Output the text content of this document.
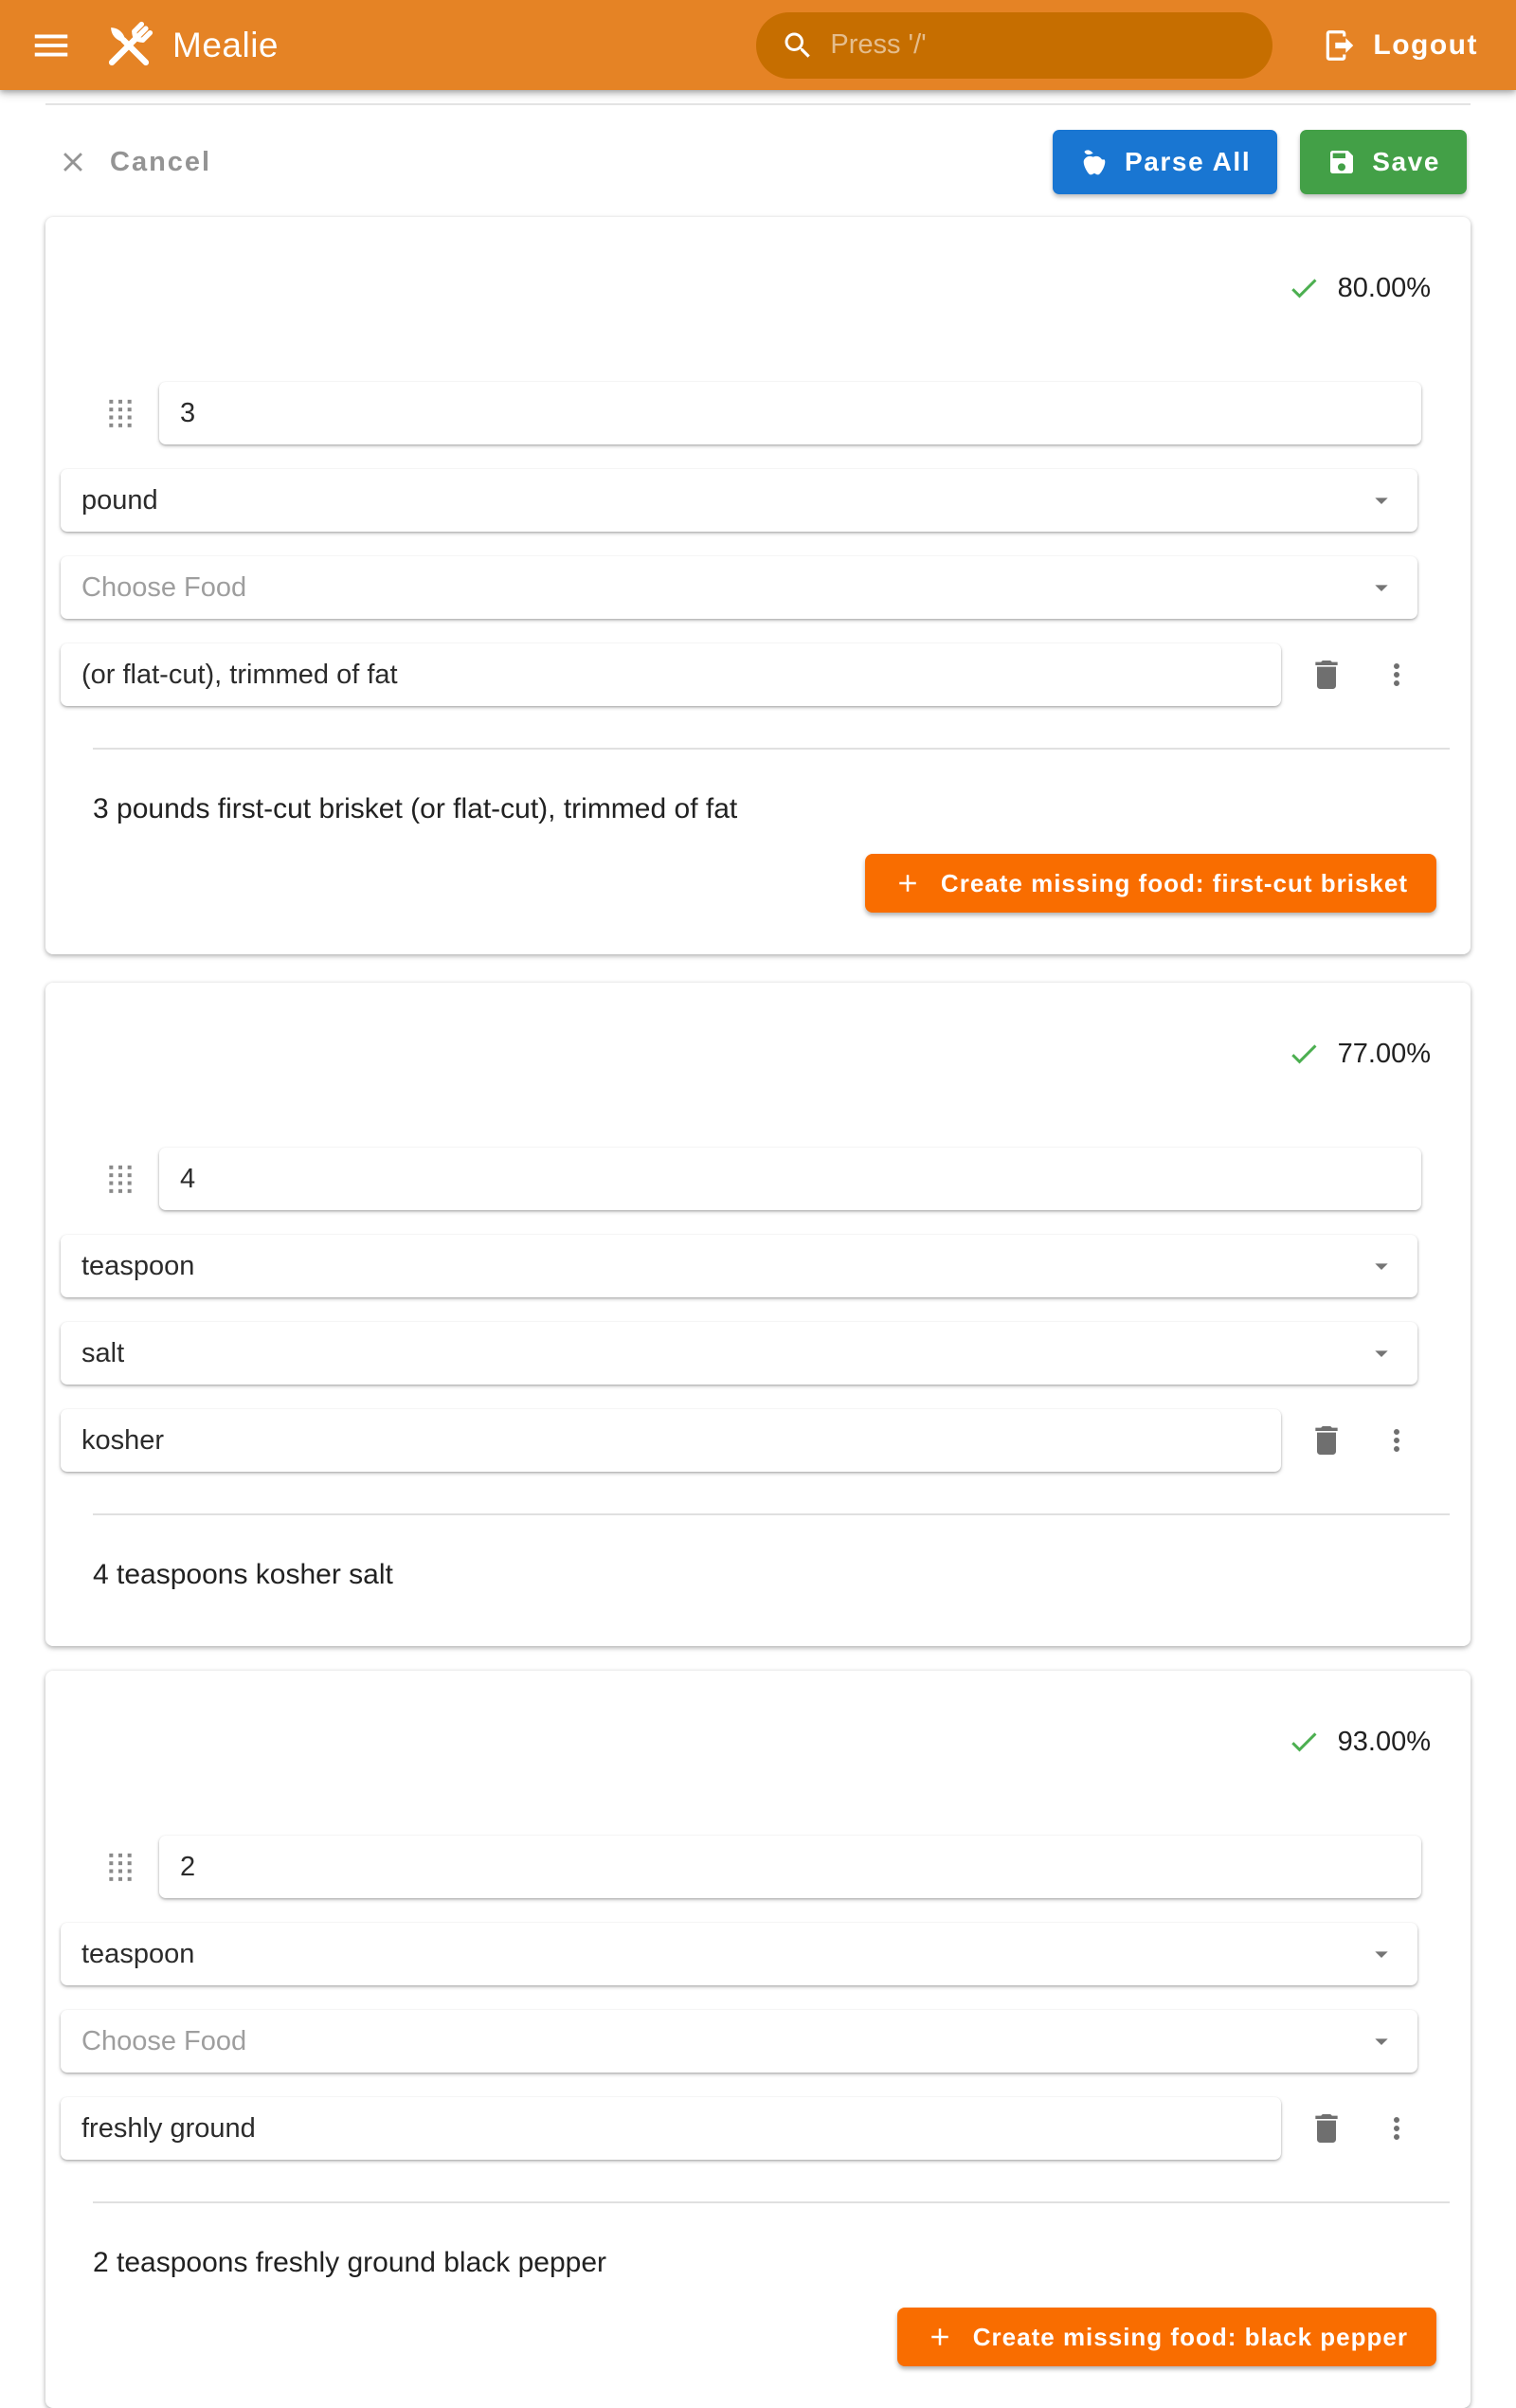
Mealie	Press '/'	Logout
Cancel	Parse All	Save
80.00%
3
pound
Choose Food
(or flat-cut), trimmed of fat
3 pounds first-cut brisket (or flat-cut), trimmed of fat
Create missing food: first-cut brisket
77.00%
4
teaspoon
salt
kosher
4 teaspoons kosher salt
93.00%
2
teaspoon
Choose Food
freshly ground
2 teaspoons freshly ground black pepper
Create missing food: black pepper
